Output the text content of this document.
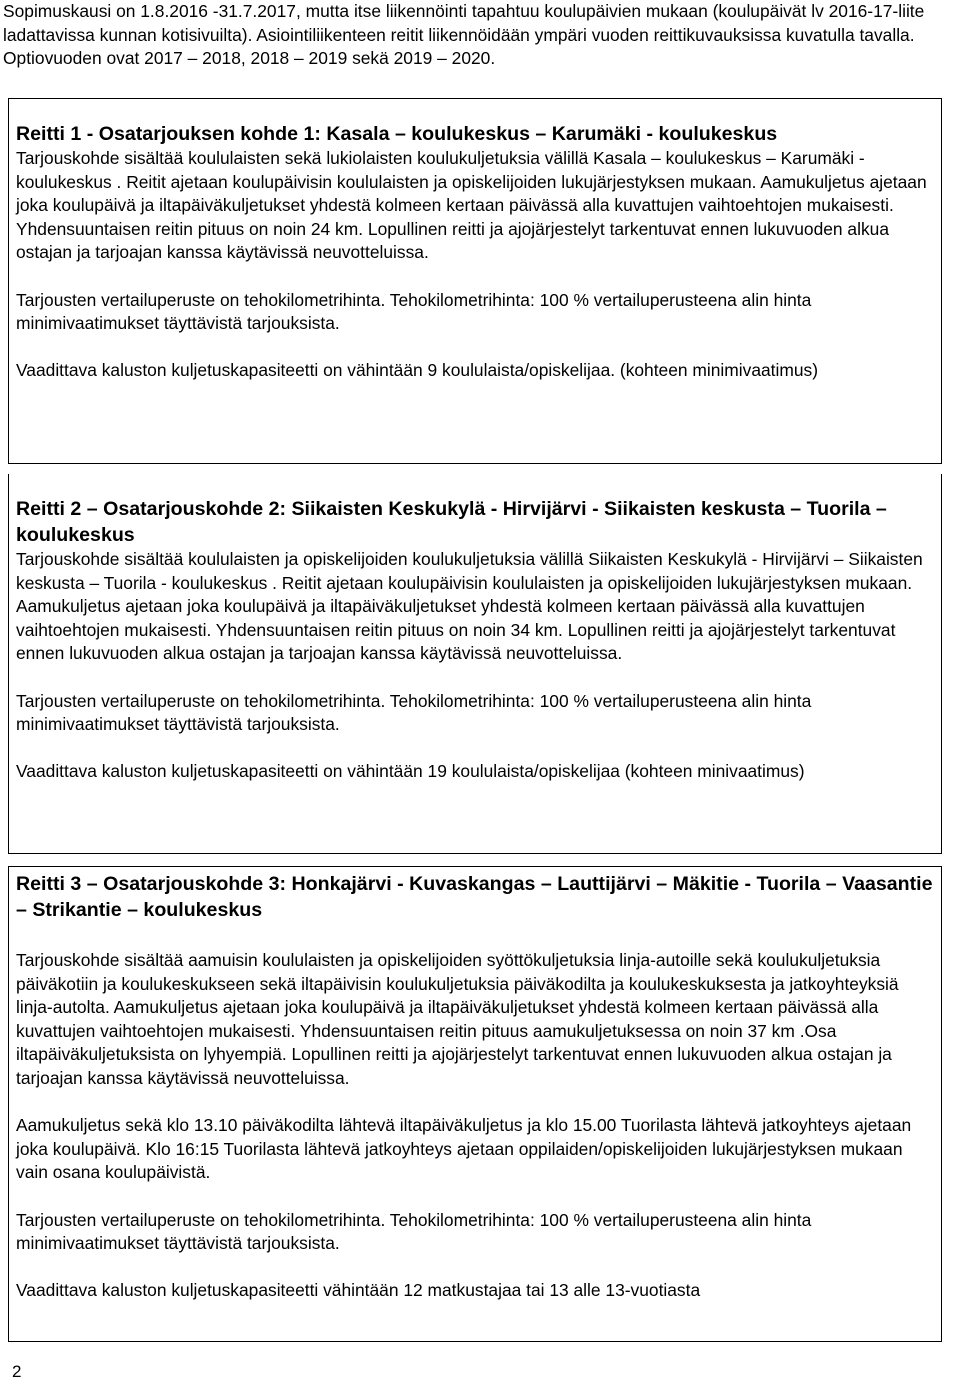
Sopimuskausi on 1.8.2016 -31.7.2017, mutta itse liikennöinti tapahtuu koulupäivien mukaan (koulupäivät lv 2016-17-liite ladattavissa kunnan kotisivuilta). Asiointiliikenteen reitit liikennöidään ympäri vuoden reittikuvauksissa kuvatulla tavalla. Optiovuoden ovat 2017 – 2018, 2018 – 2019 sekä 2019 – 2020.

Reitti 1 - Osatarjouksen kohde 1: Kasala – koulukeskus – Karumäki - koulukeskus

Tarjouskohde sisältää koululaisten sekä lukiolaisten koulukuljetuksia välillä Kasala – koulukeskus – Karumäki - koulukeskus . Reitit ajetaan koulupäivisin koululaisten ja opiskelijoiden lukujärjestyksen mukaan. Aamukuljetus ajetaan joka koulupäivä ja iltapäiväkuljetukset yhdestä kolmeen kertaan päivässä alla kuvattujen vaihtoehtojen mukaisesti. Yhdensuuntaisen reitin pituus on noin 24 km. Lopullinen reitti ja ajojärjestelyt tarkentuvat ennen lukuvuoden alkua ostajan ja tarjoajan kanssa käytävissä neuvotteluissa.

Tarjousten vertailuperuste on tehokilometrihinta. Tehokilometrihinta: 100 % vertailuperusteena alin hinta minimivaatimukset täyttävistä tarjouksista.

Vaadittava kaluston kuljetuskapasiteetti on vähintään 9 koululaista/opiskelijaa. (kohteen minimivaatimus)

Reitti 2 – Osatarjouskohde 2: Siikaisten Keskukylä - Hirvijärvi - Siikaisten keskusta – Tuorila – koulukeskus

Tarjouskohde sisältää koululaisten ja opiskelijoiden koulukuljetuksia välillä Siikaisten Keskukylä - Hirvijärvi – Siikaisten keskusta – Tuorila - koulukeskus . Reitit ajetaan koulupäivisin koululaisten ja opiskelijoiden lukujärjestyksen mukaan. Aamukuljetus ajetaan joka koulupäivä ja iltapäiväkuljetukset yhdestä kolmeen kertaan päivässä alla kuvattujen vaihtoehtojen mukaisesti. Yhdensuuntaisen reitin pituus on noin 34 km. Lopullinen reitti ja ajojärjestelyt tarkentuvat ennen lukuvuoden alkua ostajan ja tarjoajan kanssa käytävissä neuvotteluissa.

Tarjousten vertailuperuste on tehokilometrihinta. Tehokilometrihinta: 100 % vertailuperusteena alin hinta minimivaatimukset täyttävistä tarjouksista.

Vaadittava kaluston kuljetuskapasiteetti on vähintään 19 koululaista/opiskelijaa (kohteen minivaatimus)

Reitti 3 – Osatarjouskohde 3: Honkajärvi - Kuvaskangas – Lauttijärvi – Mäkitie - Tuorila – Vaasantie – Strikantie – koulukeskus

Tarjouskohde sisältää aamuisin koululaisten ja opiskelijoiden syöttökuljetuksia linja-autoille sekä koulukuljetuksia päiväkotiin ja koulukeskukseen sekä iltapäivisin koulukuljetuksia päiväkodilta ja koulukeskuksesta ja jatkoyhteyksiä linja-autolta. Aamukuljetus ajetaan joka koulupäivä ja iltapäiväkuljetukset yhdestä kolmeen kertaan päivässä alla kuvattujen vaihtoehtojen mukaisesti. Yhdensuuntaisen reitin pituus aamukuljetuksessa on noin 37 km .Osa iltapäiväkuljetuksista on lyhyempiä. Lopullinen reitti ja ajojärjestelyt tarkentuvat ennen lukuvuoden alkua ostajan ja tarjoajan kanssa käytävissä neuvotteluissa.

Aamukuljetus sekä klo 13.10 päiväkodilta lähtevä iltapäiväkuljetus ja klo 15.00 Tuorilasta lähtevä jatkoyhteys ajetaan joka koulupäivä. Klo 16:15 Tuorilasta lähtevä jatkoyhteys ajetaan oppilaiden/opiskelijoiden lukujärjestyksen mukaan vain osana koulupäivistä.

Tarjousten vertailuperuste on tehokilometrihinta. Tehokilometrihinta: 100 % vertailuperusteena alin hinta minimivaatimukset täyttävistä tarjouksista.

Vaadittava kaluston kuljetuskapasiteetti vähintään 12 matkustajaa tai 13 alle 13-vuotiasta

2
